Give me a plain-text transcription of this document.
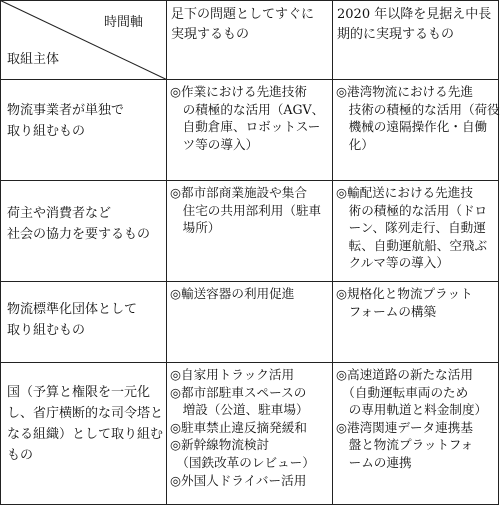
時間軸
取組主体
足下の問題としてすぐに
実現するもの
2020 年以降を見据え中長
期的に実現するもの
物流事業者が単独で
取り組むもの
◎作業における先進技術
　の積極的な活用（AGV、
　自動倉庫、ロボットスー
　ツ等の導入）
◎港湾物流における先進
　技術の積極的な活用（荷役
　機械の遠隔操作化・自働
　化）
荷主や消費者など
社会の協力を要するもの
◎都市部商業施設や集合
　住宅の共用部利用（駐車
　場所）
◎輸配送における先進技
　術の積極的な活用（ドロ
　ーン、隊列走行、自動運
　転、自動運航船、空飛ぶ
　クルマ等の導入）
物流標準化団体として
取り組むもの
◎輸送容器の利用促進	◎規格化と物流プラット
　フォームの構築
国（予算と権限を一元化
し、省庁横断的な司令塔と
なる組織）として取り組む
もの
◎自家用トラック活用
◎都市部駐車スペースの
　増設（公道、駐車場）
◎駐車禁止違反摘発緩和
◎新幹線物流検討
　（国鉄改革のレビュー）
◎外国人ドライバー活用
◎高速道路の新たな活用
　（自動運転車両のため
　の専用軌道と料金制度）
◎港湾関連データ連携基
　盤と物流プラットフォ
　ームの連携
